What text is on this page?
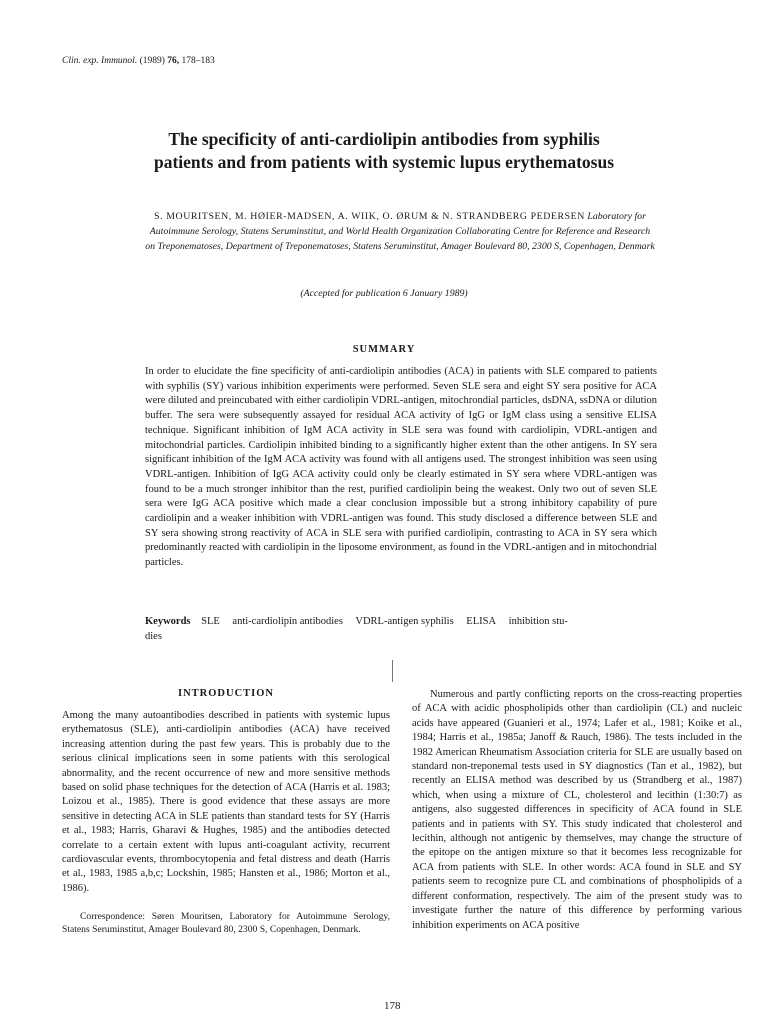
Clin. exp. Immunol. (1989) 76, 178–183
The specificity of anti-cardiolipin antibodies from syphilis
patients and from patients with systemic lupus erythematosus
S. MOURITSEN, M. HØIER-MADSEN, A. WIIK, O. ØRUM & N. STRANDBERG PEDERSEN Laboratory for
Autoimmune Serology, Statens Seruminstitut, and World Health Organization Collaborating Centre for Reference and Research
on Treponematoses, Department of Treponematoses, Statens Seruminstitut, Amager Boulevard 80, 2300 S, Copenhagen, Denmark
(Accepted for publication 6 January 1989)
SUMMARY

In order to elucidate the fine specificity of anti-cardiolipin antibodies (ACA) in patients with SLE compared to patients with syphilis (SY) various inhibition experiments were performed. Seven SLE sera and eight SY sera positive for ACA were diluted and preincubated with either cardiolipin VDRL-antigen, mitochrondial particles, dsDNA, ssDNA or dilution buffer. The sera were subsequently assayed for residual ACA activity of IgG or IgM class using a sensitive ELISA technique. Significant inhibition of IgM ACA activity in SLE sera was found with cardiolipin, VDRL-antigen and mitochondrial particles. Cardiolipin inhibited binding to a significantly higher extent than the other antigens. In SY sera significant inhibition of the IgM ACA activity was found with all antigens used. The strongest inhibition was seen using VDRL-antigen. Inhibition of IgG ACA activity could only be clearly estimated in SY sera where VDRL-antigen was found to be a much stronger inhibitor than the rest, purified cardiolipin being the weakest. Only two out of seven SLE sera were IgG ACA positive which made a clear conclusion impossible but a strong inhibitory capability of pure cardiolipin and a weaker inhibition with VDRL-antigen was found. This study disclosed a difference between SLE and SY sera showing strong reactivity of ACA in SLE sera with purified cardiolipin, contrasting to ACA in SY sera which predominantly reacted with cardiolipin in the liposome environment, as found in the VDRL-antigen and in mitochondrial particles.

Keywords SLE anti-cardiolipin antibodies VDRL-antigen syphilis ELISA inhibition stu-
dies
INTRODUCTION

Among the many autoantibodies described in patients with systemic lupus erythematosus (SLE), anti-cardiolipin antibodies (ACA) have received increasing attention during the past few years. This is probably due to the serious clinical implications seen in some patients with this serological abnormality, and the recent occurrence of new and more sensitive methods based on solid phase techniques for the detection of ACA (Harris et al. 1983; Loizou et al., 1985). There is good evidence that these assays are more sensitive in detecting ACA in SLE patients than standard tests for SY (Harris et al., 1983; Harris, Gharavi & Hughes, 1985) and the antibodies detected correlate to a certain extent with lupus anti-coagulant activity, recurrent cardiovascular events, thrombocytopenia and fetal distress and death (Harris et al., 1983, 1985 a,b,c; Lockshin, 1985; Hansten et al., 1986; Morton et al., 1986).

Correspondence: Søren Mouritsen, Laboratory for Autoimmune Serology, Statens Seruminstitut, Amager Boulevard 80, 2300 S, Copenhagen, Denmark.

Numerous and partly conflicting reports on the cross-reacting properties of ACA with acidic phospholipids other than cardiolipin (CL) and nucleic acids have appeared (Guanieri et al., 1974; Lafer et al., 1981; Koike et al., 1984; Harris et al., 1985a; Janoff & Rauch, 1986). The tests included in the 1982 American Rheumatism Association criteria for SLE are usually based on standard non-treponemal tests used in SY diagnostics (Tan et al., 1982), but recently an ELISA method was described by us (Strandberg et al., 1987) which, when using a mixture of CL, cholesterol and lecithin (1:30:7) as antigens, also suggested differences in specificity of ACA found in SLE patients and in patients with SY. This study indicated that cholesterol and lecithin, although not antigenic by themselves, may change the structure of the epitope on the antigen mixture so that it becomes less recognizable for ACA from patients with SLE. In other words: ACA found in SLE and SY patients seem to recognize pure CL and combinations of phospholipids of a different conformation, respectively. The aim of the present study was to investigate further the nature of this difference by performing various inhibition experiments on ACA positive

178
